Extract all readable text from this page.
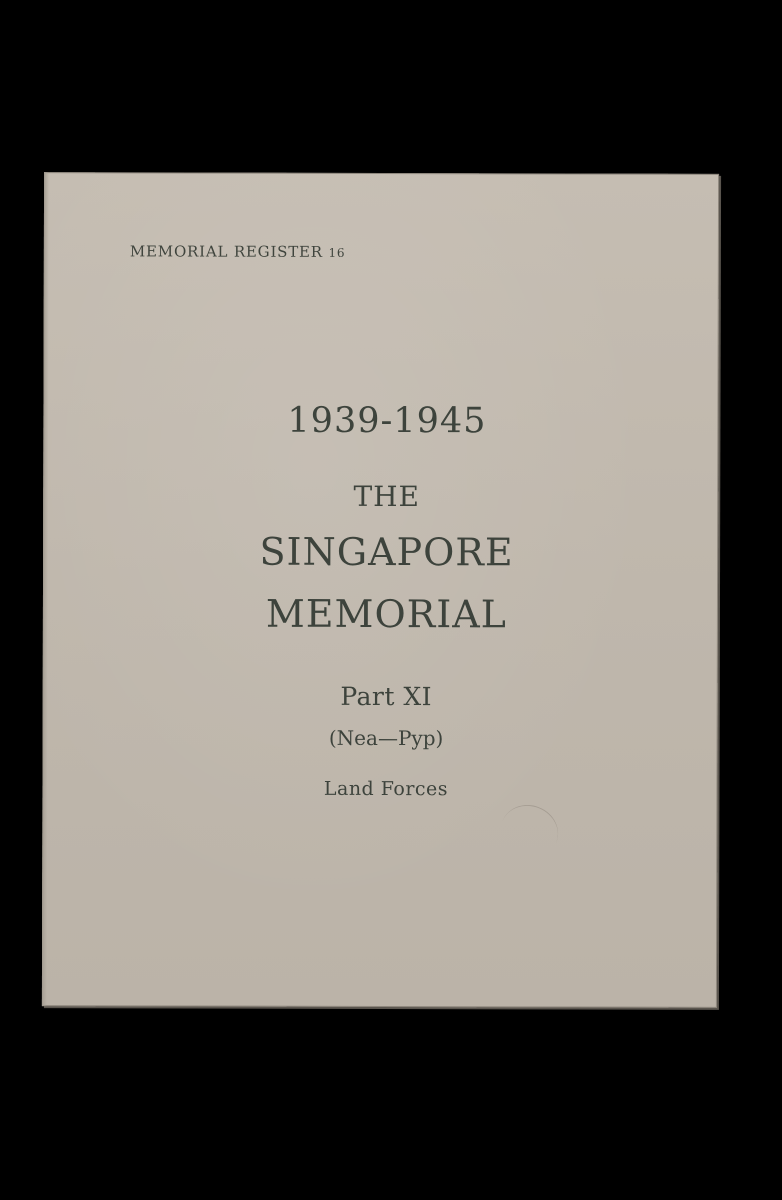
MEMORIAL REGISTER 16
1939-1945
THE
SINGAPORE
MEMORIAL
Part XI
(Nea—Pyp)
Land Forces
